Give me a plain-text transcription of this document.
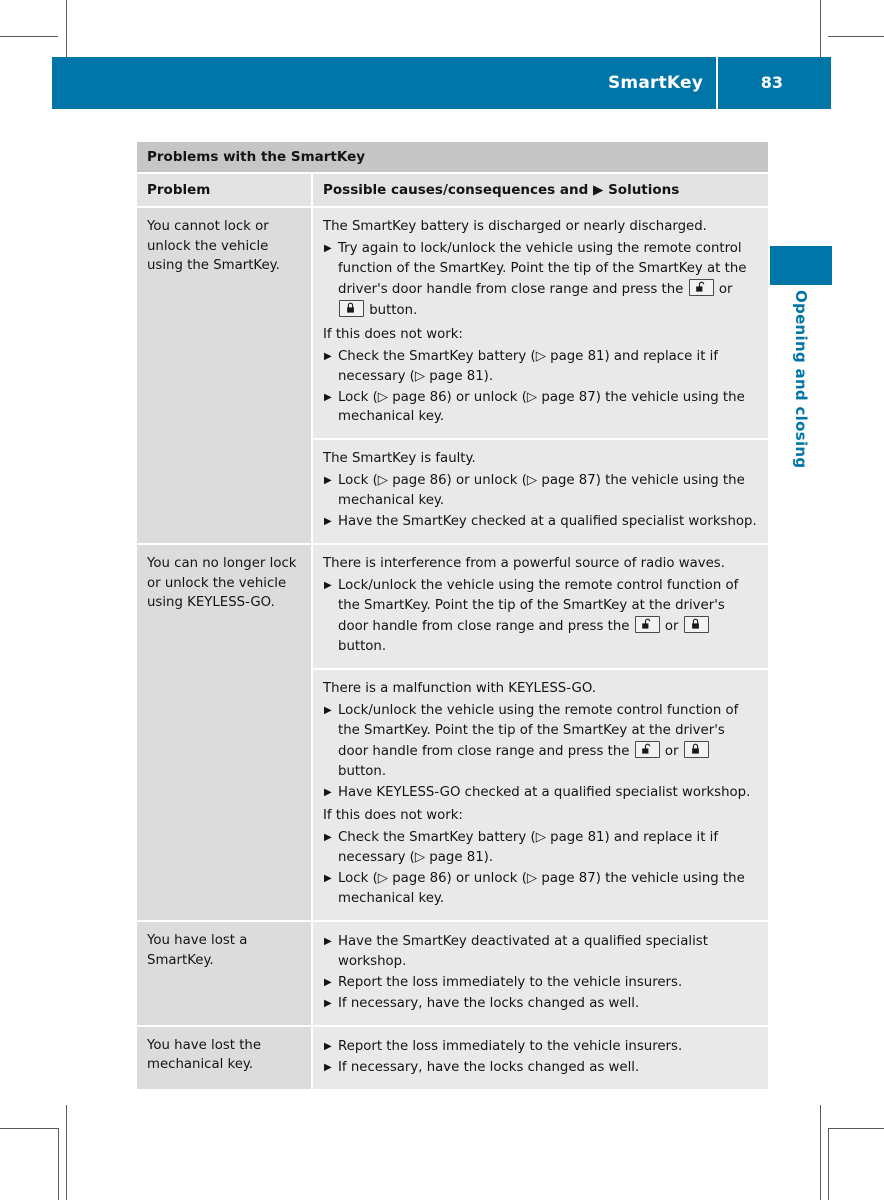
SmartKey	83
Opening and closing
Problems with the SmartKey
Problem	Possible causes/consequences and ▶ Solutions
You cannot lock or unlock the vehicle using the SmartKey.
The SmartKey battery is discharged or nearly discharged.
▶ Try again to lock/unlock the vehicle using the remote control function of the SmartKey. Point the tip of the SmartKey at the driver's door handle from close range and press the
or
button.
If this does not work:
▶ Check the SmartKey battery (▷ page 81) and replace it if necessary (▷ page 81).
▶ Lock (▷ page 86) or unlock (▷ page 87) the vehicle using the mechanical key.
The SmartKey is faulty.
▶ Lock (▷ page 86) or unlock (▷ page 87) the vehicle using the mechanical key.
▶ Have the SmartKey checked at a qualified specialist workshop.
You can no longer lock or unlock the vehicle using KEYLESS-GO.
There is interference from a powerful source of radio waves.
▶ Lock/unlock the vehicle using the remote control function of the SmartKey. Point the tip of the SmartKey at the driver's door handle from close range and press the
or
button.
There is a malfunction with KEYLESS-GO.
▶ Lock/unlock the vehicle using the remote control function of the SmartKey. Point the tip of the SmartKey at the driver's door handle from close range and press the
or
button.
▶ Have KEYLESS-GO checked at a qualified specialist workshop.
If this does not work:
▶ Check the SmartKey battery (▷ page 81) and replace it if necessary (▷ page 81).
▶ Lock (▷ page 86) or unlock (▷ page 87) the vehicle using the mechanical key.
You have lost a SmartKey.
▶ Have the SmartKey deactivated at a qualified specialist workshop.
▶ Report the loss immediately to the vehicle insurers.
▶ If necessary, have the locks changed as well.
You have lost the mechanical key.
▶ Report the loss immediately to the vehicle insurers.
▶ If necessary, have the locks changed as well.
